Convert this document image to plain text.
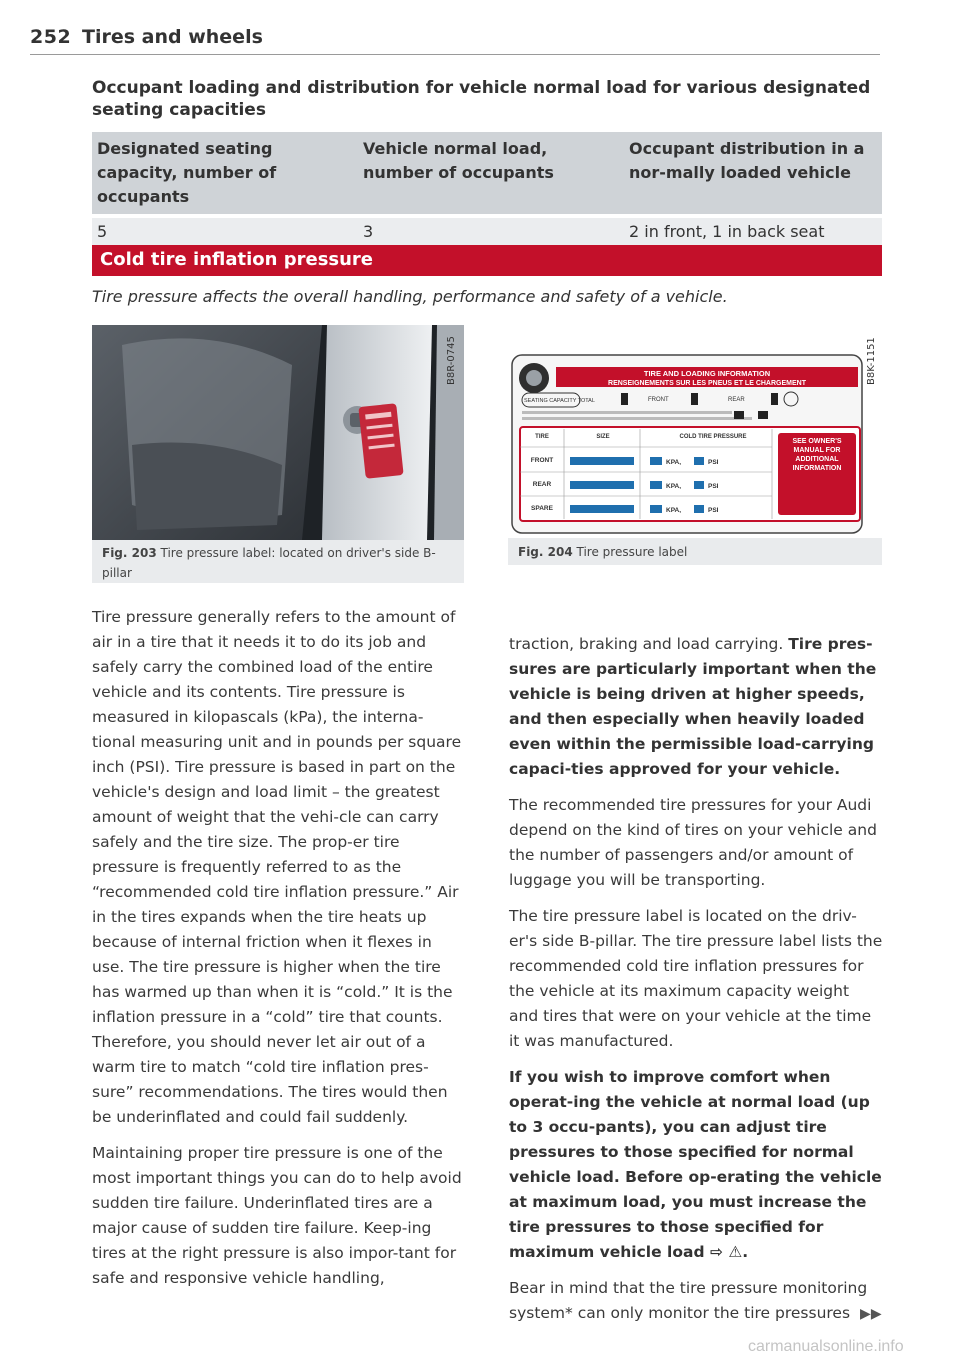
252 Tires and wheels
Occupant loading and distribution for vehicle normal load for various designated seating capacities
Designated seating capacity, number of occupants	Vehicle normal load, number of occupants	Occupant distribution in a nor-mally loaded vehicle
5	3	2 in front, 1 in back seat
Cold tire inflation pressure
Tire pressure affects the overall handling, performance and safety of a vehicle.
B8R-0745
Fig. 203 Tire pressure label: located on driver's side B-pillar
TIRE AND LOADING INFORMATION
RENSEIGNEMENTS SUR LES PNEUS ET LE CHARGEMENT
SEATING CAPACITY TOTAL	FRONT	REAR
TIRE	SIZE	COLD TIRE PRESSURE
FRONT	KPA,	PSI
REAR	KPA,	PSI
SPARE	KPA,	PSI
SEE OWNER'S MANUAL FOR ADDITIONAL INFORMATION
B8K-1151
Fig. 204 Tire pressure label

Tire pressure generally refers to the amount of air in a tire that it needs it to do its job and safely carry the combined load of the entire vehicle and its contents. Tire pressure is measured in kilopascals (kPa), the interna-tional measuring unit and in pounds per square inch (PSI). Tire pressure is based in part on the vehicle's design and load limit – the greatest amount of weight that the vehi-cle can carry safely and the tire size. The prop-er tire pressure is frequently referred to as the “recommended cold tire inflation pressure.” Air in the tires expands when the tire heats up because of internal friction when it flexes in use. The tire pressure is higher when the tire has warmed up than when it is “cold.” It is the inflation pressure in a “cold” tire that counts. Therefore, you should never let air out of a warm tire to match “cold tire inflation pres-sure” recommendations. The tires would then be underinflated and could fail suddenly.

Maintaining proper tire pressure is one of the most important things you can do to help avoid sudden tire failure. Underinflated tires are a major cause of sudden tire failure. Keep-ing tires at the right pressure is also impor-tant for safe and responsive vehicle handling,

traction, braking and load carrying. Tire pres-sures are particularly important when the vehicle is being driven at higher speeds, and then especially when heavily loaded even within the permissible load-carrying capaci-ties approved for your vehicle.

The recommended tire pressures for your Audi depend on the kind of tires on your vehicle and the number of passengers and/or amount of luggage you will be transporting.

The tire pressure label is located on the driv-er's side B-pillar. The tire pressure label lists the recommended cold tire inflation pressures for the vehicle at its maximum capacity weight and tires that were on your vehicle at the time it was manufactured.

If you wish to improve comfort when operat-ing the vehicle at normal load (up to 3 occu-pants), you can adjust tire pressures to those specified for normal vehicle load. Before op-erating the vehicle at maximum load, you must increase the tire pressures to those specified for maximum vehicle load ⇨ ⚠.

Bear in mind that the tire pressure monitoring system* can only monitor the tire pressures ▶▶

carmanualsonline.info
